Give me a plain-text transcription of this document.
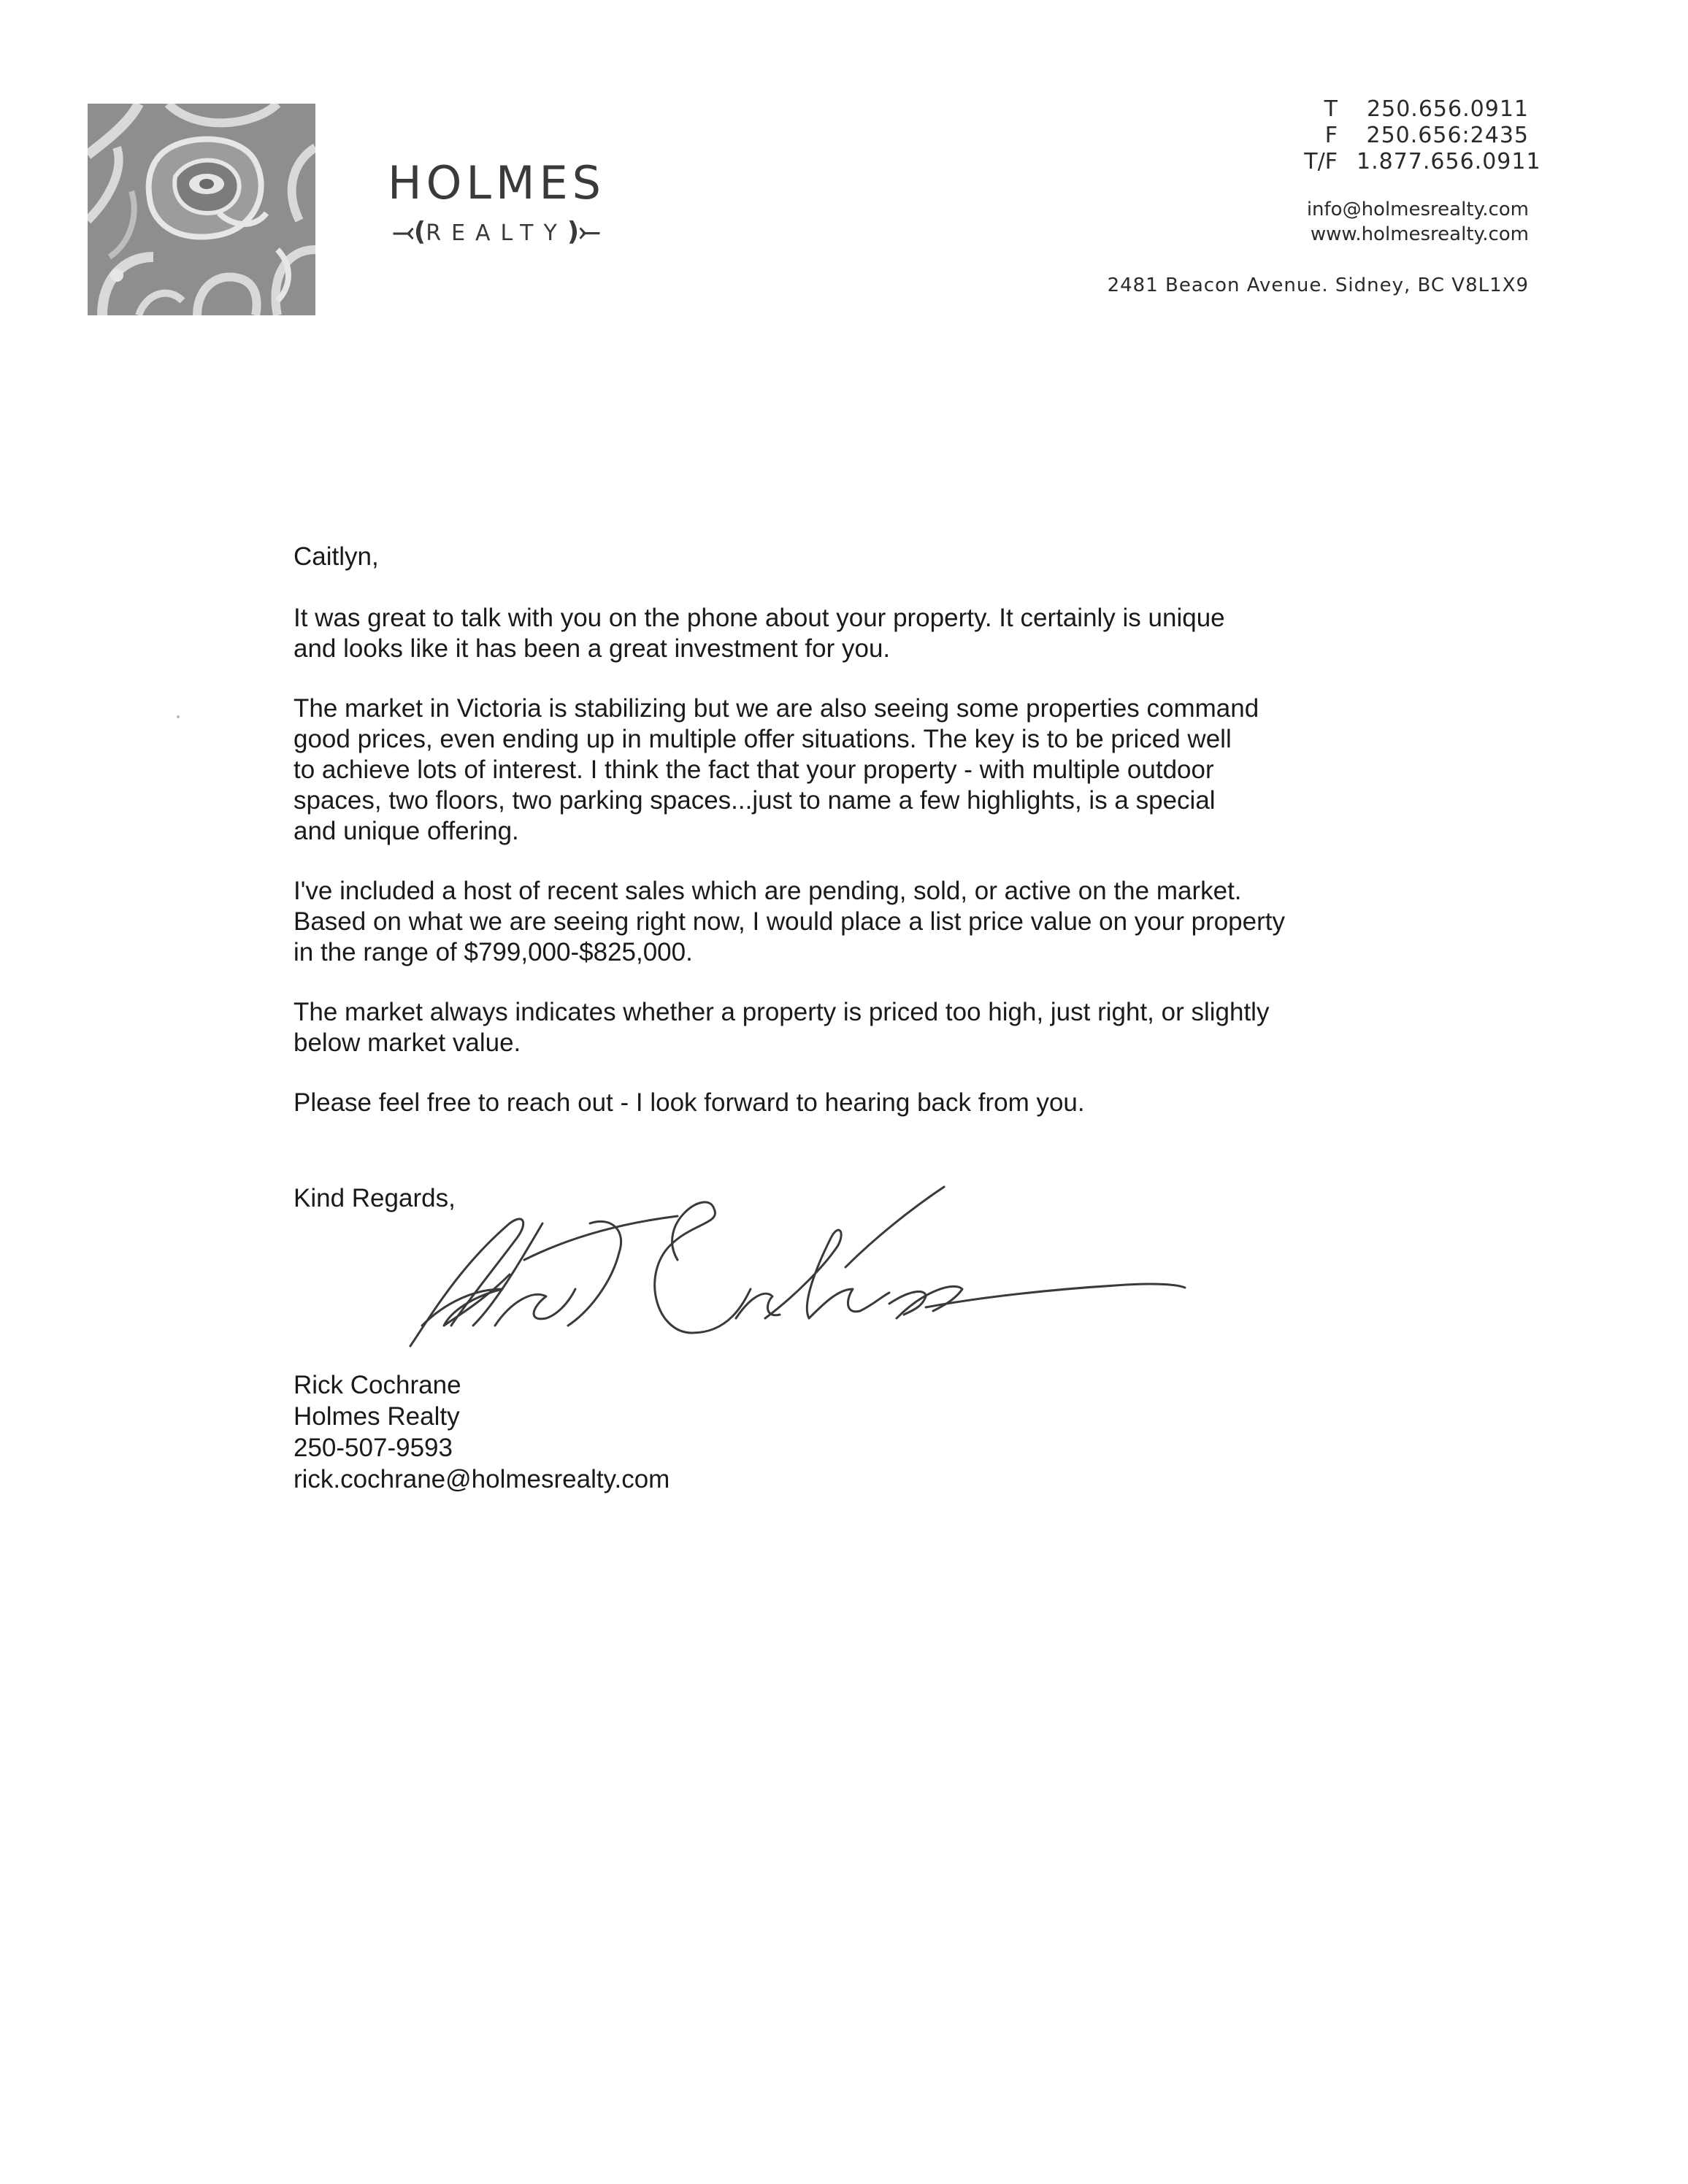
HOLMES
⤙(REALTY)⤚
T 250.656.0911
F 250.656:2435
T/F 1.877.656.0911
info@holmesrealty.com
www.holmesrealty.com
2481 Beacon Avenue. Sidney, BC V8L1X9

Caitlyn,

It was great to talk with you on the phone about your property. It certainly is unique
and looks like it has been a great investment for you.

The market in Victoria is stabilizing but we are also seeing some properties command
good prices, even ending up in multiple offer situations. The key is to be priced well
to achieve lots of interest. I think the fact that your property - with multiple outdoor
spaces, two floors, two parking spaces...just to name a few highlights, is a special
and unique offering.

I've included a host of recent sales which are pending, sold, or active on the market.
Based on what we are seeing right now, I would place a list price value on your property
in the range of $799,000-$825,000.

The market always indicates whether a property is priced too high, just right, or slightly
below market value.

Please feel free to reach out - I look forward to hearing back from you.

Kind Regards,

Rick Cochrane
Holmes Realty
250-507-9593
rick.cochrane@holmesrealty.com
